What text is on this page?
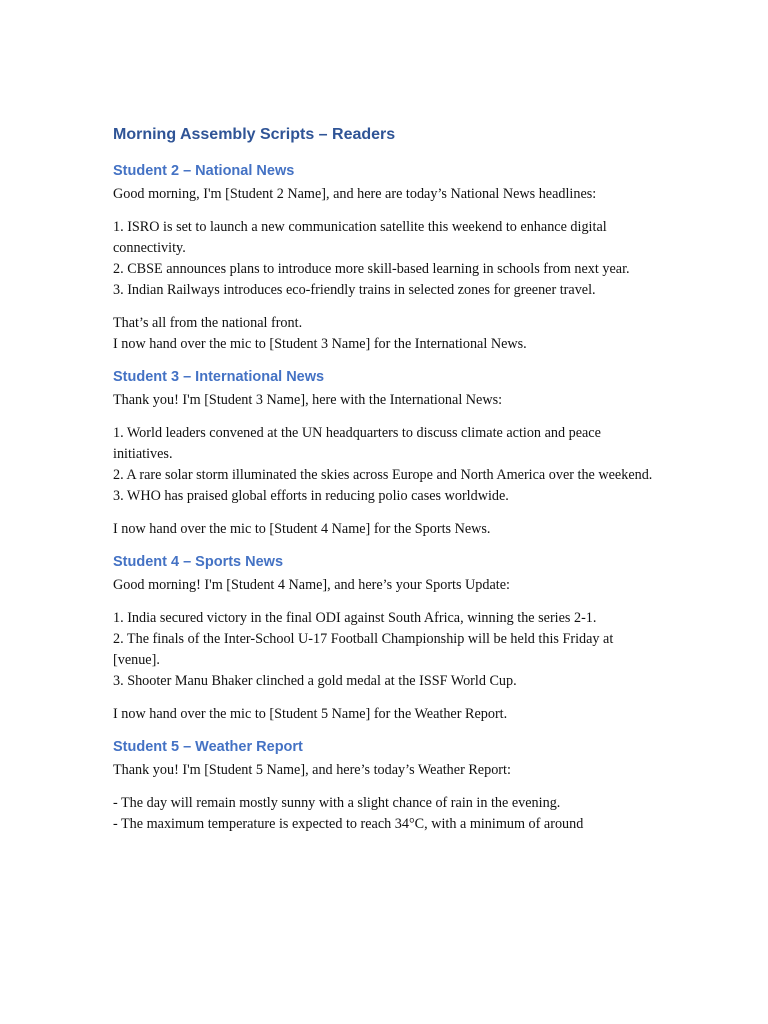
Morning Assembly Scripts – Readers
Student 2 – National News

Good morning, I'm [Student 2 Name], and here are today’s National News headlines:

1. ISRO is set to launch a new communication satellite this weekend to enhance digital connectivity.

2. CBSE announces plans to introduce more skill-based learning in schools from next year.

3. Indian Railways introduces eco-friendly trains in selected zones for greener travel.

That’s all from the national front.
I now hand over the mic to [Student 3 Name] for the International News.

Student 3 – International News

Thank you! I'm [Student 3 Name], here with the International News:

1. World leaders convened at the UN headquarters to discuss climate action and peace initiatives.

2. A rare solar storm illuminated the skies across Europe and North America over the weekend.

3. WHO has praised global efforts in reducing polio cases worldwide.

I now hand over the mic to [Student 4 Name] for the Sports News.

Student 4 – Sports News

Good morning! I'm [Student 4 Name], and here’s your Sports Update:

1. India secured victory in the final ODI against South Africa, winning the series 2-1.

2. The finals of the Inter-School U-17 Football Championship will be held this Friday at [venue].

3. Shooter Manu Bhaker clinched a gold medal at the ISSF World Cup.

I now hand over the mic to [Student 5 Name] for the Weather Report.

Student 5 – Weather Report

Thank you! I'm [Student 5 Name], and here’s today’s Weather Report:

- The day will remain mostly sunny with a slight chance of rain in the evening.

- The maximum temperature is expected to reach 34°C, with a minimum of around
